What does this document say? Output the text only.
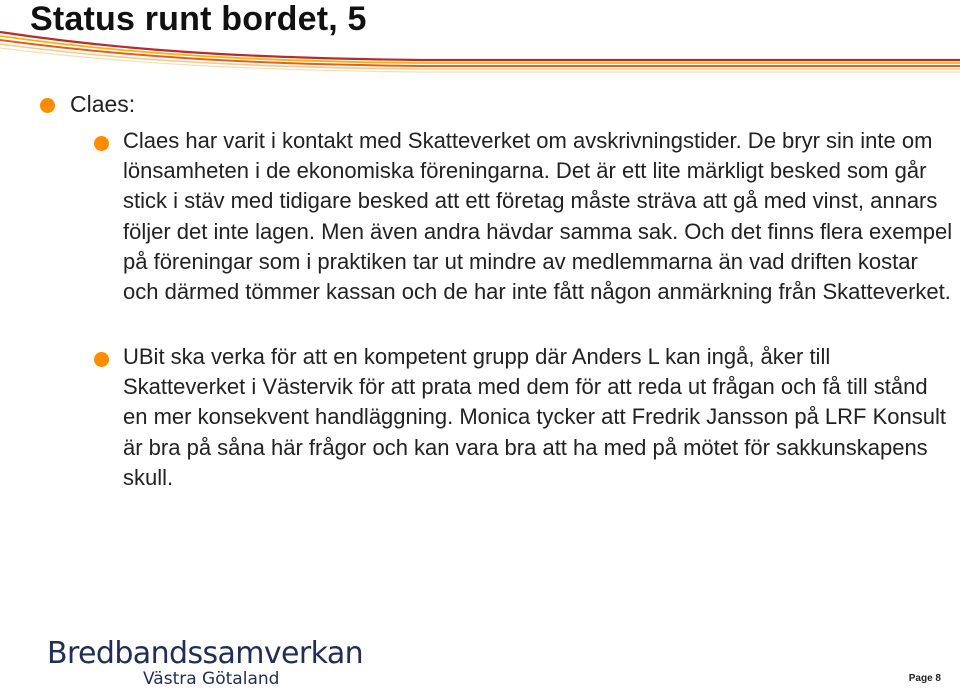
Status runt bordet, 5
Claes:
Claes har varit i kontakt med Skatteverket om avskrivningstider. De bryr sin inte om lönsamheten i de ekonomiska föreningarna. Det är ett lite märkligt besked som går stick i stäv med tidigare besked att ett företag måste sträva att gå med vinst, annars följer det inte lagen. Men även andra hävdar samma sak. Och det finns flera exempel på föreningar som i praktiken tar ut mindre av medlemmarna än vad driften kostar och därmed tömmer kassan och de har inte fått någon anmärkning från Skatteverket.
UBit ska verka för att en kompetent grupp där Anders L kan ingå, åker till Skatteverket i Västervik för att prata med dem för att reda ut frågan och få till stånd en mer konsekvent handläggning. Monica tycker att Fredrik Jansson på LRF Konsult är bra på såna här frågor och kan vara bra att ha med på mötet för sakkunskapens skull.
Bredbandssamverkan
Västra Götaland	Page 8
